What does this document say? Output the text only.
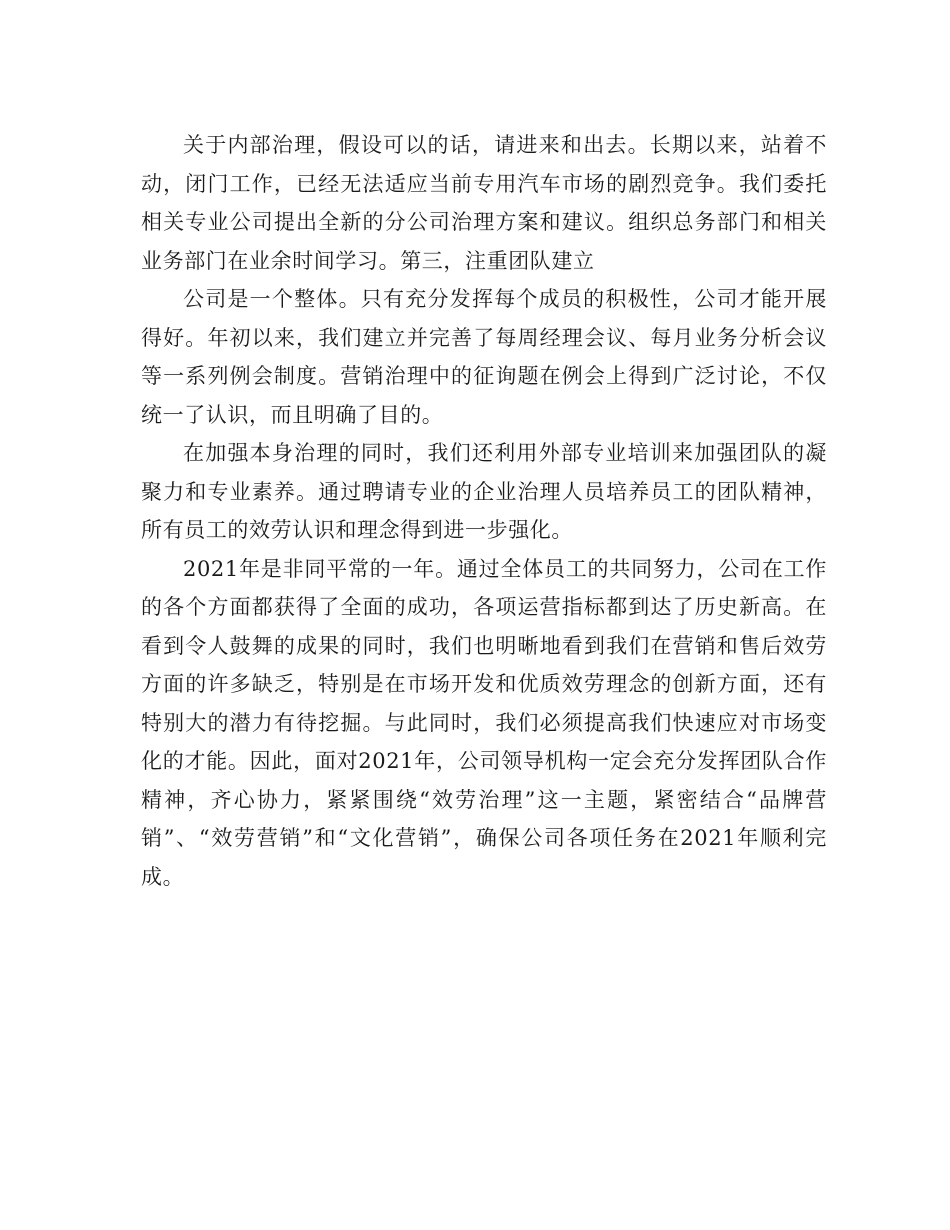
关于内部治理，假设可以的话，请进来和出去。长期以来，站着不动，闭门工作，已经无法适应当前专用汽车市场的剧烈竞争。我们委托相关专业公司提出全新的分公司治理方案和建议。组织总务部门和相关业务部门在业余时间学习。第三，注重团队建立

公司是一个整体。只有充分发挥每个成员的积极性，公司才能开展得好。年初以来，我们建立并完善了每周经理会议、每月业务分析会议等一系列例会制度。营销治理中的征询题在例会上得到广泛讨论，不仅统一了认识，而且明确了目的。

在加强本身治理的同时，我们还利用外部专业培训来加强团队的凝聚力和专业素养。通过聘请专业的企业治理人员培养员工的团队精神，所有员工的效劳认识和理念得到进一步强化。

2021年是非同平常的一年。通过全体员工的共同努力，公司在工作的各个方面都获得了全面的成功，各项运营指标都到达了历史新高。在看到令人鼓舞的成果的同时，我们也明晰地看到我们在营销和售后效劳方面的许多缺乏，特别是在市场开发和优质效劳理念的创新方面，还有特别大的潜力有待挖掘。与此同时，我们必须提高我们快速应对市场变化的才能。因此，面对2021年，公司领导机构一定会充分发挥团队合作精神，齐心协力，紧紧围绕“效劳治理”这一主题，紧密结合“品牌营销”、“效劳营销”和“文化营销”，确保公司各项任务在2021年顺利完成。
